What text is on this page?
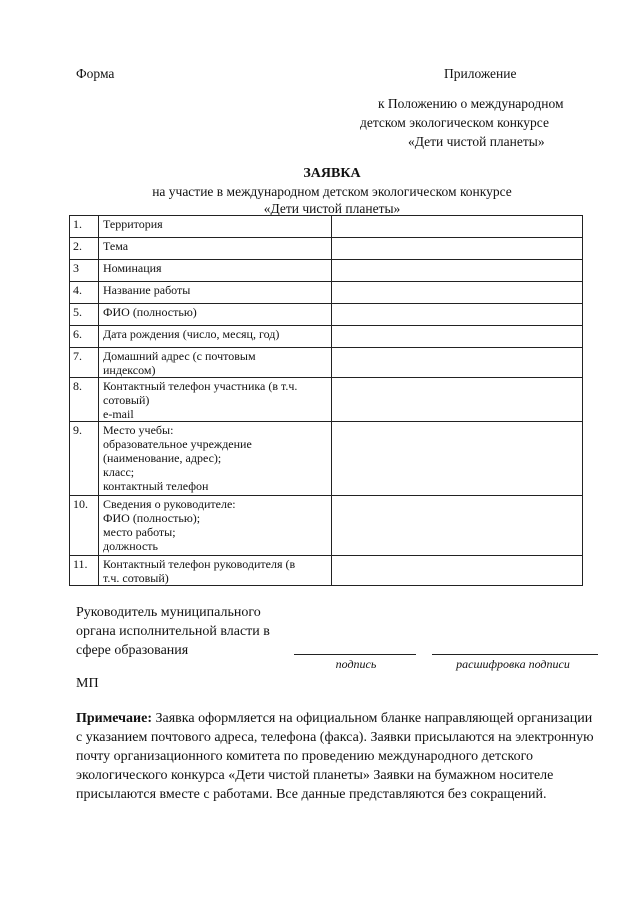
Форма	Приложение
к Положению о международном
детском экологическом конкурсе
«Дети чистой планеты»
ЗАЯВКА
на участие в международном детском экологическом конкурсе
«Дети чистой планеты»
1.	Территория	

2.	Тема	

3	Номинация	

4.	Название работы	

5.	ФИО (полностью)	

6.	Дата рождения (число, месяц, год)	

7.	Домашний адрес (с почтовым
индексом)	

8.	Контактный телефон участника (в т.ч.
сотовый)
e-mail	

9.	Место учебы:
образовательное учреждение
(наименование, адрес);
класс;
контактный телефон	

10.	Сведения о руководителе:
ФИО (полностью);
место работы;
должность	

11.	Контактный телефон руководителя (в
т.ч. сотовый)	

Руководитель муниципального
органа исполнительной власти в
сфере образования
подпись	расшифровка подписи
МП
Примечаие: Заявка оформляется на официальном бланке направляющей организации с указанием почтового адреса, телефона (факса). Заявки присылаются на электронную почту организационного комитета по проведению международного детского экологического конкурса «Дети чистой планеты» Заявки на бумажном носителе присылаются вместе с работами. Все данные представляются без сокращений.
